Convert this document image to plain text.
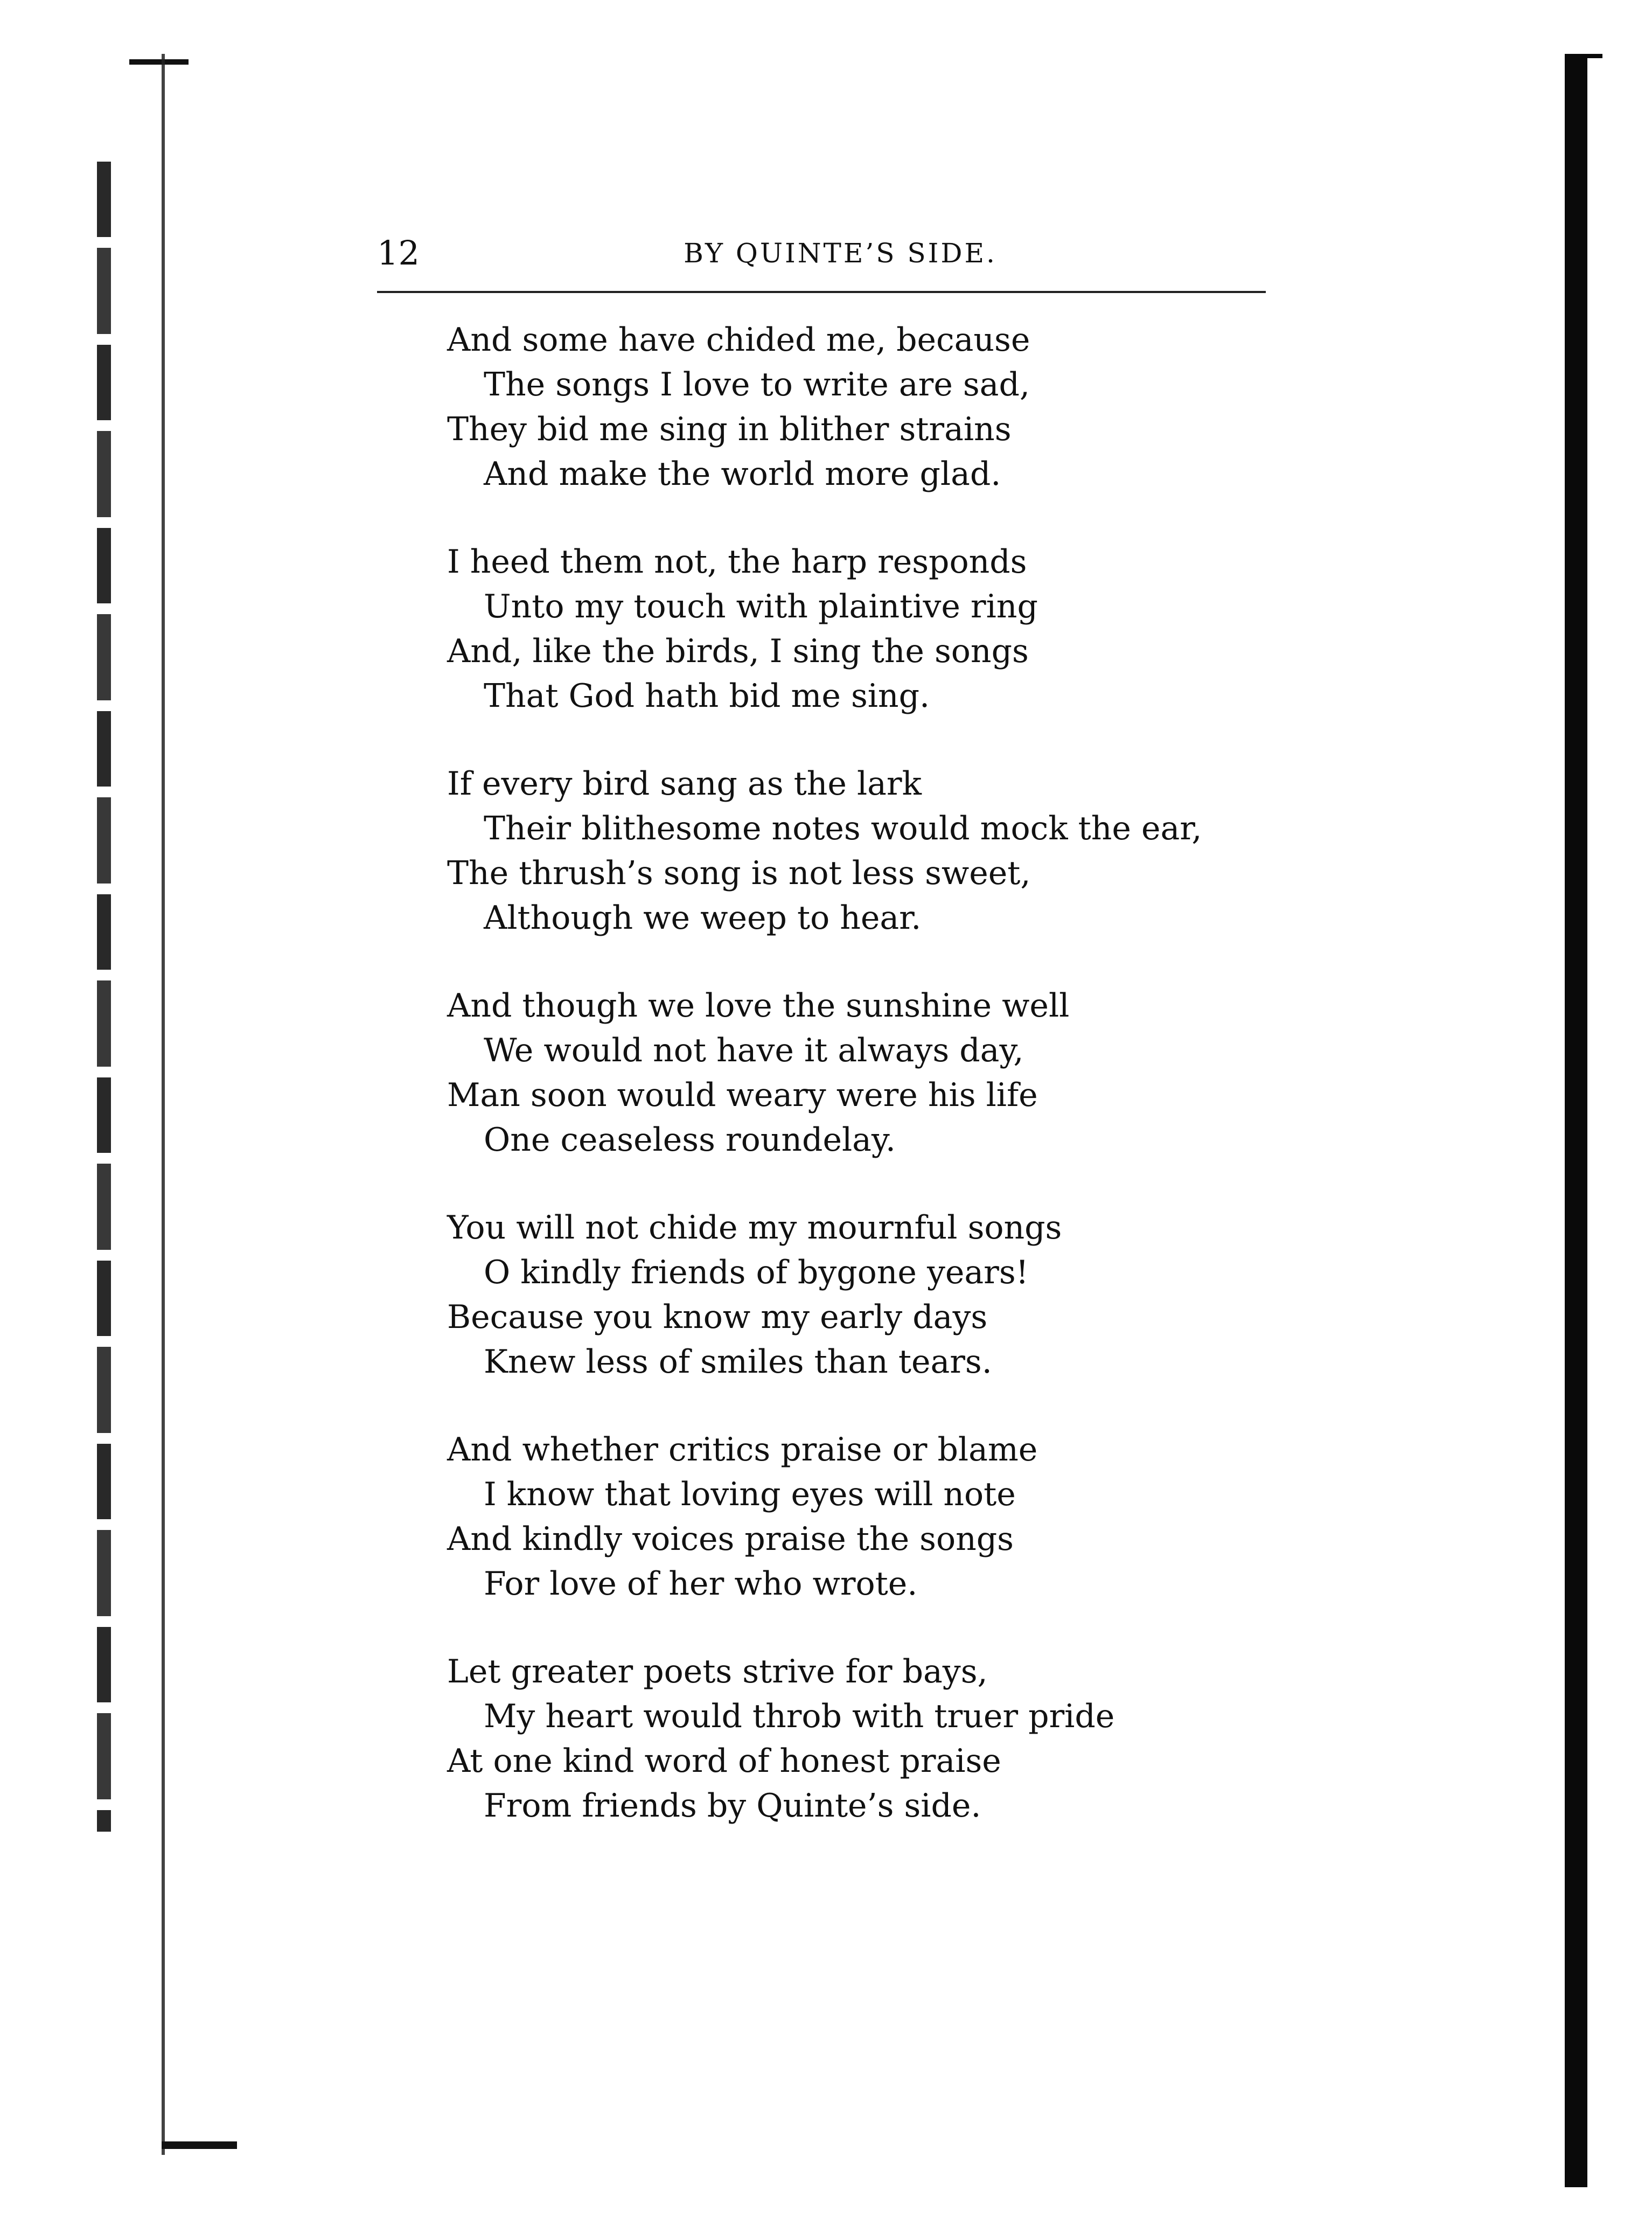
12	BY QUINTE’S SIDE.
And some have chided me, because
The songs I love to write are sad,
They bid me sing in blither strains
And make the world more glad.
I heed them not, the harp responds
Unto my touch with plaintive ring
And, like the birds, I sing the songs
That God hath bid me sing.
If every bird sang as the lark
Their blithesome notes would mock the ear,
The thrush’s song is not less sweet,
Although we weep to hear.
And though we love the sunshine well
We would not have it always day,
Man soon would weary were his life
One ceaseless roundelay.
You will not chide my mournful songs
O kindly friends of bygone years!
Because you know my early days
Knew less of smiles than tears.
And whether critics praise or blame
I know that loving eyes will note
And kindly voices praise the songs
For love of her who wrote.
Let greater poets strive for bays,
My heart would throb with truer pride
At one kind word of honest praise
From friends by Quinte’s side.
